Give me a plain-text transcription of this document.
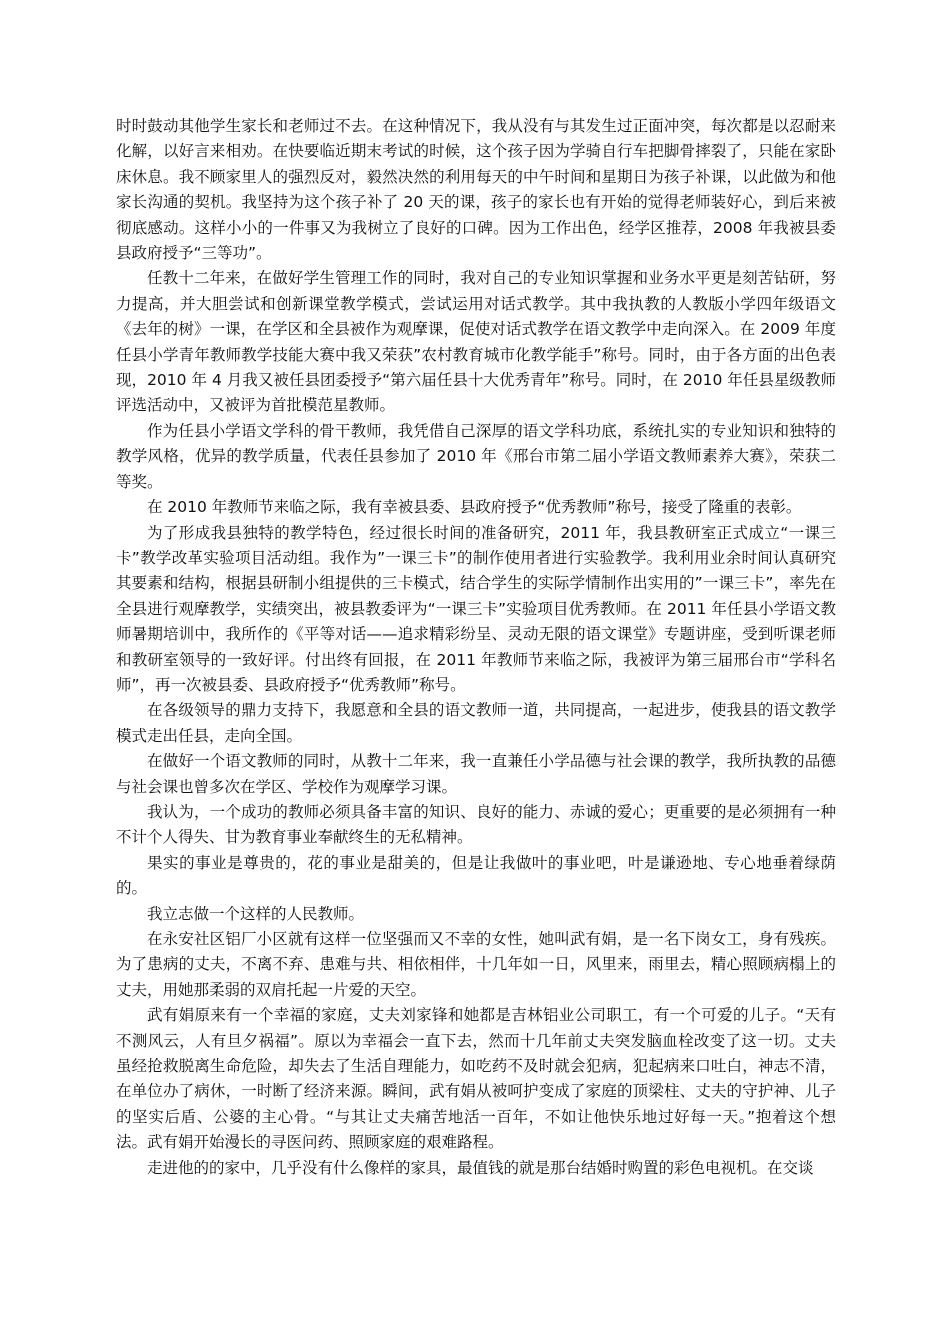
时时鼓动其他学生家长和老师过不去。在这种情况下，我从没有与其发生过正面冲突，每次都是以忍耐来化解，以好言来相劝。在快要临近期末考试的时候，这个孩子因为学骑自行车把脚骨摔裂了，只能在家卧床休息。我不顾家里人的强烈反对，毅然决然的利用每天的中午时间和星期日为孩子补课，以此做为和他家长沟通的契机。我坚持为这个孩子补了 20 天的课，孩子的家长也有开始的觉得老师装好心，到后来被彻底感动。这样小小的一件事又为我树立了良好的口碑。因为工作出色，经学区推荐，2008 年我被县委县政府授予“三等功”。

任教十二年来，在做好学生管理工作的同时，我对自己的专业知识掌握和业务水平更是刻苦钻研，努力提高，并大胆尝试和创新课堂教学模式，尝试运用对话式教学。其中我执教的人教版小学四年级语文《去年的树》一课，在学区和全县被作为观摩课，促使对话式教学在语文教学中走向深入。在 2009 年度任县小学青年教师教学技能大赛中我又荣获”农村教育城市化教学能手”称号。同时，由于各方面的出色表现，2010 年 4 月我又被任县团委授予“第六届任县十大优秀青年”称号。同时，在 2010 年任县星级教师评选活动中，又被评为首批模范星教师。

作为任县小学语文学科的骨干教师，我凭借自己深厚的语文学科功底，系统扎实的专业知识和独特的教学风格，优异的教学质量，代表任县参加了 2010 年《邢台市第二届小学语文教师素养大赛》，荣获二等奖。

在 2010 年教师节来临之际，我有幸被县委、县政府授予“优秀教师”称号，接受了隆重的表彰。

为了形成我县独特的教学特色，经过很长时间的准备研究，2011 年，我县教研室正式成立“一课三卡”教学改革实验项目活动组。我作为”一课三卡”的制作使用者进行实验教学。我利用业余时间认真研究其要素和结构，根据县研制小组提供的三卡模式，结合学生的实际学情制作出实用的”一课三卡”，率先在全县进行观摩教学，实绩突出，被县教委评为“一课三卡”实验项目优秀教师。在 2011 年任县小学语文教师暑期培训中，我所作的《平等对话——追求精彩纷呈、灵动无限的语文课堂》专题讲座，受到听课老师和教研室领导的一致好评。付出终有回报，在 2011 年教师节来临之际，我被评为第三届邢台市“学科名师”，再一次被县委、县政府授予“优秀教师”称号。

在各级领导的鼎力支持下，我愿意和全县的语文教师一道，共同提高，一起进步，使我县的语文教学模式走出任县，走向全国。

在做好一个语文教师的同时，从教十二年来，我一直兼任小学品德与社会课的教学，我所执教的品德与社会课也曾多次在学区、学校作为观摩学习课。

我认为，一个成功的教师必须具备丰富的知识、良好的能力、赤诚的爱心；更重要的是必须拥有一种不计个人得失、甘为教育事业奉献终生的无私精神。

果实的事业是尊贵的，花的事业是甜美的，但是让我做叶的事业吧，叶是谦逊地、专心地垂着绿荫的。

我立志做一个这样的人民教师。

在永安社区铝厂小区就有这样一位坚强而又不幸的女性，她叫武有娟，是一名下岗女工，身有残疾。为了患病的丈夫，不离不弃、患难与共、相依相伴，十几年如一日，风里来，雨里去，精心照顾病榻上的丈夫，用她那柔弱的双肩托起一片爱的天空。

武有娟原来有一个幸福的家庭，丈夫刘家锋和她都是吉林铝业公司职工，有一个可爱的儿子。“天有不测风云，人有旦夕祸福”。原以为幸福会一直下去，然而十几年前丈夫突发脑血栓改变了这一切。丈夫虽经抢救脱离生命危险，却失去了生活自理能力，如吃药不及时就会犯病，犯起病来口吐白，神志不清，在单位办了病休，一时断了经济来源。瞬间，武有娟从被呵护变成了家庭的顶梁柱、丈夫的守护神、儿子的坚实后盾、公婆的主心骨。“与其让丈夫痛苦地活一百年，不如让他快乐地过好每一天。”抱着这个想法。武有娟开始漫长的寻医问药、照顾家庭的艰难路程。

走进他的的家中，几乎没有什么像样的家具，最值钱的就是那台结婚时购置的彩色电视机。在交谈
